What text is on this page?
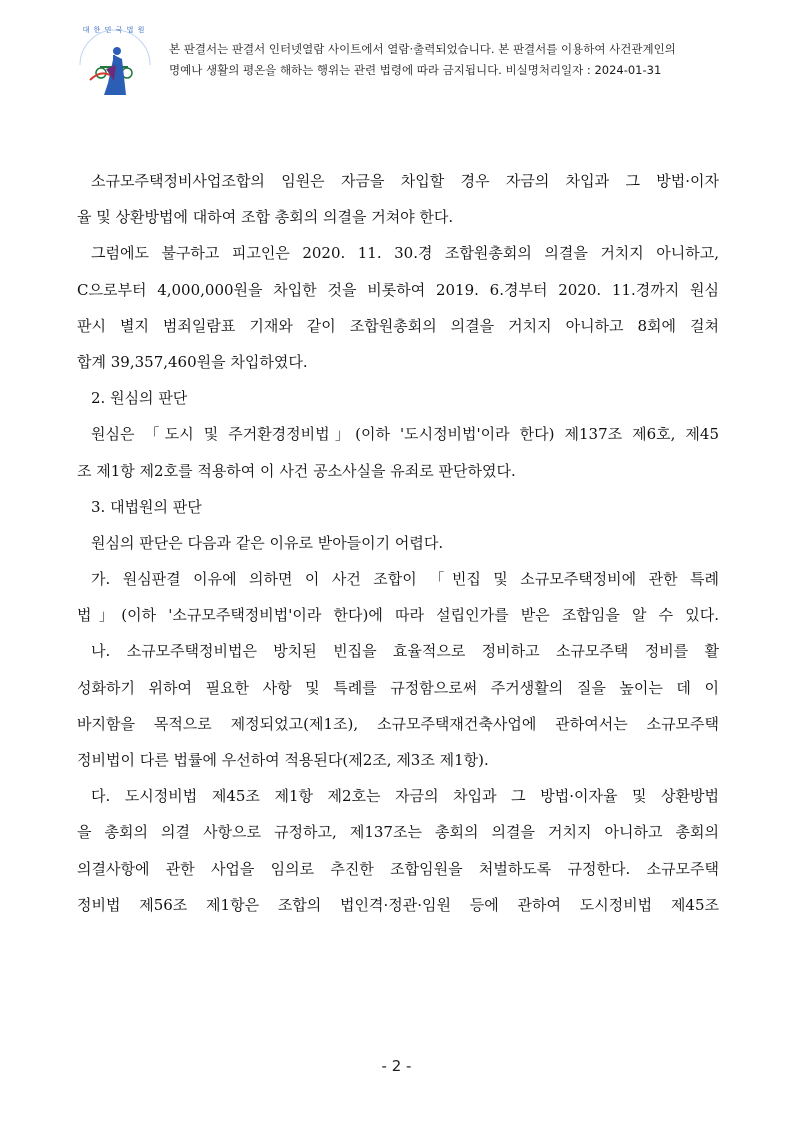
대 한 민 국 법 원
본 판결서는 판결서 인터넷열람 사이트에서 열람·출력되었습니다. 본 판결서를 이용하여 사건관계인의
명예나 생활의 평온을 해하는 행위는 관련 법령에 따라 금지됩니다. 비실명처리일자 : 2024-01-31
소규모주택정비사업조합의 임원은 자금을 차입할 경우 자금의 차입과 그 방법·이자
율 및 상환방법에 대하여 조합 총회의 의결을 거쳐야 한다.
그럼에도 불구하고 피고인은 2020. 11. 30.경 조합원총회의 의결을 거치지 아니하고,
C으로부터 4,000,000원을 차입한 것을 비롯하여 2019. 6.경부터 2020. 11.경까지 원심
판시 별지 범죄일람표 기재와 같이 조합원총회의 의결을 거치지 아니하고 8회에 걸쳐
합계 39,357,460원을 차입하였다.
2. 원심의 판단
원심은 「도시 및 주거환경정비법」(이하 '도시정비법'이라 한다) 제137조 제6호, 제45
조 제1항 제2호를 적용하여 이 사건 공소사실을 유죄로 판단하였다.
3. 대법원의 판단
원심의 판단은 다음과 같은 이유로 받아들이기 어렵다.
가. 원심판결 이유에 의하면 이 사건 조합이 「빈집 및 소규모주택정비에 관한 특례
법」(이하 '소규모주택정비법'이라 한다)에 따라 설립인가를 받은 조합임을 알 수 있다.
나. 소규모주택정비법은 방치된 빈집을 효율적으로 정비하고 소규모주택 정비를 활
성화하기 위하여 필요한 사항 및 특례를 규정함으로써 주거생활의 질을 높이는 데 이
바지함을 목적으로 제정되었고(제1조), 소규모주택재건축사업에 관하여서는 소규모주택
정비법이 다른 법률에 우선하여 적용된다(제2조, 제3조 제1항).
다. 도시정비법 제45조 제1항 제2호는 자금의 차입과 그 방법·이자율 및 상환방법
을 총회의 의결 사항으로 규정하고, 제137조는 총회의 의결을 거치지 아니하고 총회의
의결사항에 관한 사업을 임의로 추진한 조합임원을 처벌하도록 규정한다. 소규모주택
정비법 제56조 제1항은 조합의 법인격·정관·임원 등에 관하여 도시정비법 제45조
- 2 -
